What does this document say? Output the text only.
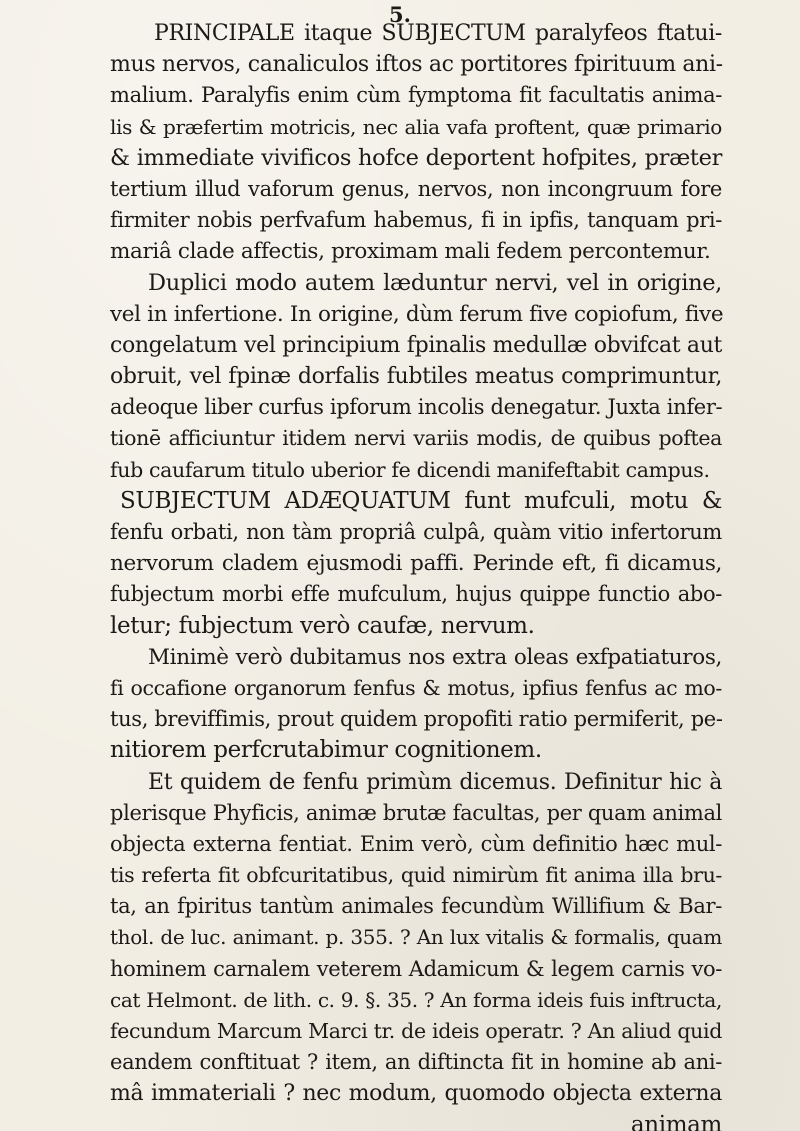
5.
PRINCIPALE itaque SUBJECTUM paralyfeos ftatui-
mus nervos, canaliculos iftos ac portitores fpirituum ani-
malium. Paralyfis enim cùm fymptoma fit facultatis anima-
lis & præfertim motricis, nec alia vafa proftent, quæ primario
& immediate vivificos hofce deportent hofpites, præter
tertium illud vaforum genus, nervos, non incongruum fore
firmiter nobis perfvafum habemus, fi in ipfis, tanquam pri-
mariâ clade affectis, proximam mali fedem percontemur.
Duplici modo autem læduntur nervi, vel in origine,
vel in infertione. In origine, dùm ferum five copiofum, five
congelatum vel principium fpinalis medullæ obvifcat aut
obruit, vel fpinæ dorfalis fubtiles meatus comprimuntur,
adeoque liber curfus ipforum incolis denegatur. Juxta infer-
tionē afficiuntur itidem nervi variis modis, de quibus poftea
fub caufarum titulo uberior fe dicendi manifeftabit campus.
SUBJECTUM ADÆQUATUM funt mufculi, motu &
fenfu orbati, non tàm propriâ culpâ, quàm vitio infertorum
nervorum cladem ejusmodi paffi. Perinde eft, fi dicamus,
fubjectum morbi effe mufculum, hujus quippe functio abo-
letur; fubjectum verò caufæ, nervum.
Minimè verò dubitamus nos extra oleas exfpatiaturos,
fi occafione organorum fenfus & motus, ipfius fenfus ac mo-
tus, breviffimis, prout quidem propofiti ratio permiferit, pe-
nitiorem perfcrutabimur cognitionem.
Et quidem de fenfu primùm dicemus. Definitur hic à
plerisque Phyficis, animæ brutæ facultas, per quam animal
objecta externa fentiat. Enim verò, cùm definitio hæc mul-
tis referta fit obfcuritatibus, quid nimirùm fit anima illa bru-
ta, an fpiritus tantùm animales fecundùm Willifium & Bar-
thol. de luc. animant. p. 355. ? An lux vitalis & formalis, quam
hominem carnalem veterem Adamicum & legem carnis vo-
cat Helmont. de lith. c. 9. §. 35. ? An forma ideis fuis inftructa,
fecundum Marcum Marci tr. de ideis operatr. ? An aliud quid
eandem conftituat ? item, an diftincta fit in homine ab ani-
mâ immateriali ? nec modum, quomodo objecta externa
animam
